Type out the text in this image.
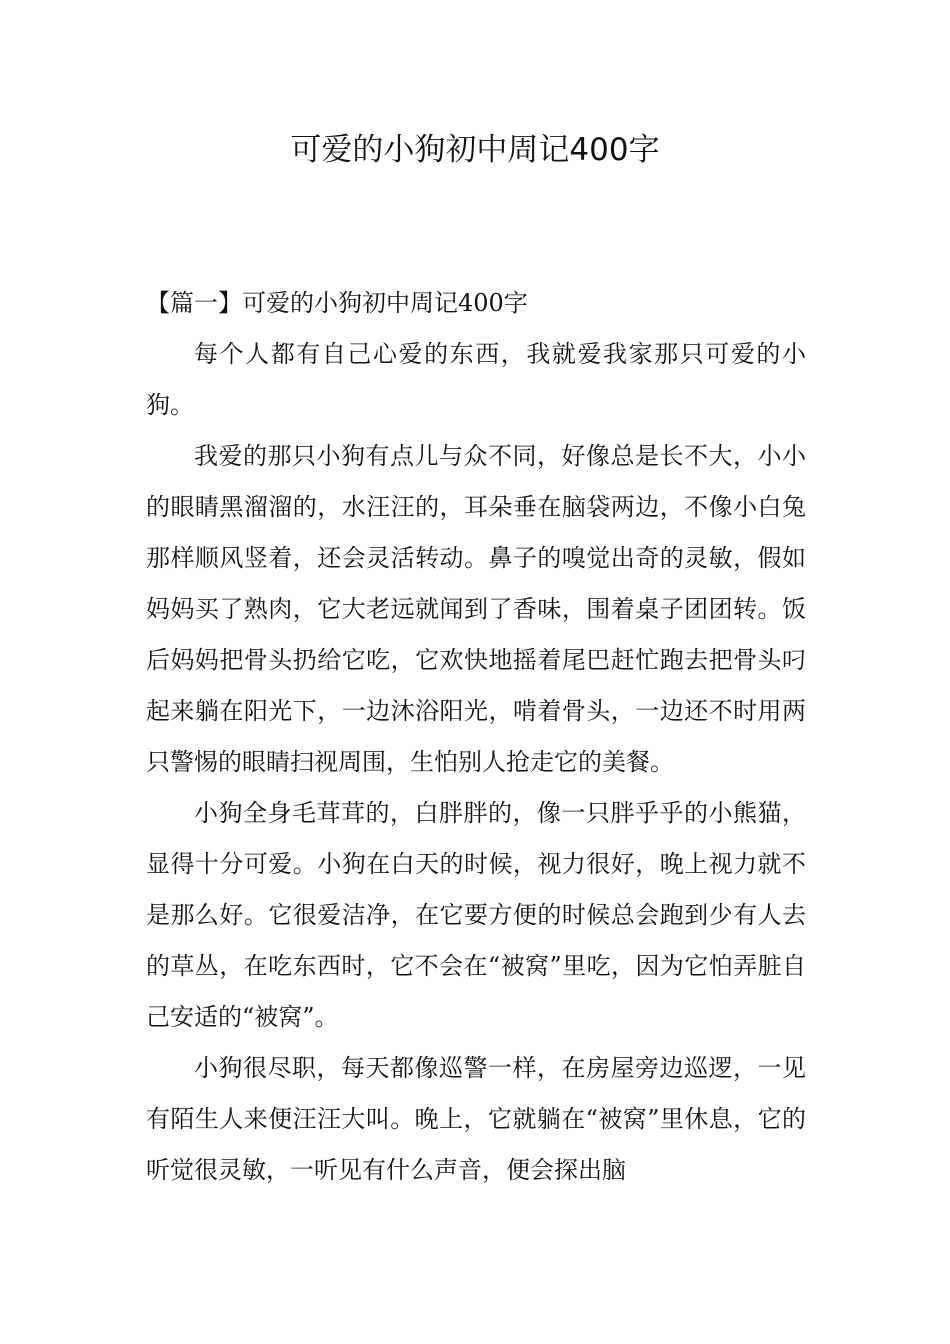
可爱的小狗初中周记400字

【篇一】可爱的小狗初中周记400字

每个人都有自己心爱的东西，我就爱我家那只可爱的小狗。

我爱的那只小狗有点儿与众不同，好像总是长不大，小小的眼睛黑溜溜的，水汪汪的，耳朵垂在脑袋两边，不像小白兔那样顺风竖着，还会灵活转动。鼻子的嗅觉出奇的灵敏，假如妈妈买了熟肉，它大老远就闻到了香味，围着桌子团团转。饭后妈妈把骨头扔给它吃，它欢快地摇着尾巴赶忙跑去把骨头叼起来躺在阳光下，一边沐浴阳光，啃着骨头，一边还不时用两只警惕的眼睛扫视周围，生怕别人抢走它的美餐。

小狗全身毛茸茸的，白胖胖的，像一只胖乎乎的小熊猫，显得十分可爱。小狗在白天的时候，视力很好，晚上视力就不是那么好。它很爱洁净，在它要方便的时候总会跑到少有人去的草丛，在吃东西时，它不会在“被窝”里吃，因为它怕弄脏自己安适的“被窝”。

小狗很尽职，每天都像巡警一样，在房屋旁边巡逻，一见有陌生人来便汪汪大叫。晚上，它就躺在“被窝”里休息，它的听觉很灵敏，一听见有什么声音，便会探出脑
